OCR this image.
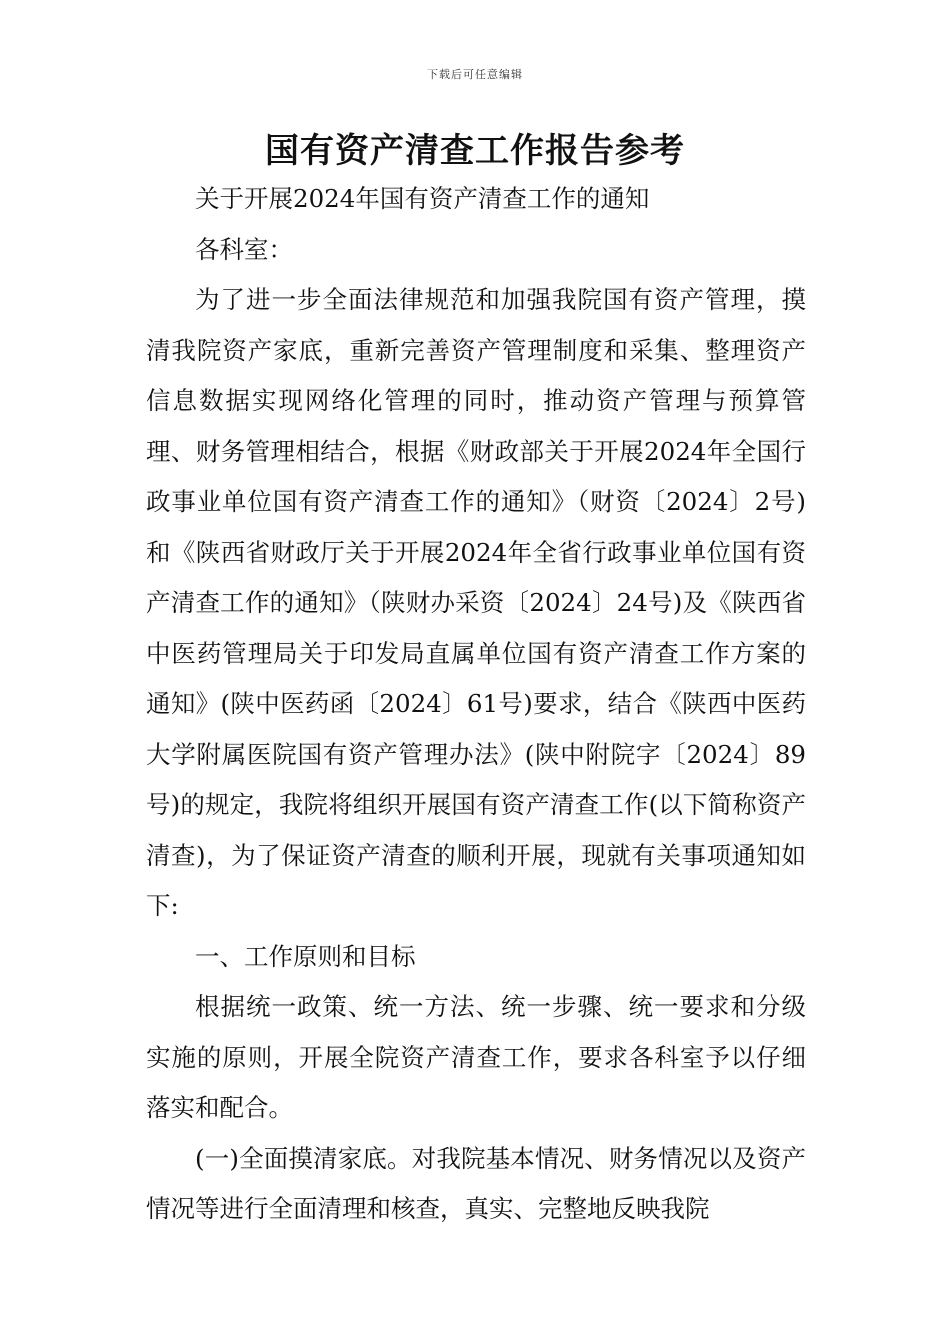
下载后可任意编辑
国有资产清查工作报告参考

关于开展2024年国有资产清查工作的通知

各科室：

为了进一步全面法律规范和加强我院国有资产管理，摸清我院资产家底，重新完善资产管理制度和采集、整理资产信息数据实现网络化管理的同时，推动资产管理与预算管理、财务管理相结合，根据《财政部关于开展2024年全国行政事业单位国有资产清查工作的通知》（财资〔2024〕2号)和《陕西省财政厅关于开展2024年全省行政事业单位国有资产清查工作的通知》（陕财办采资〔2024〕24号)及《陕西省中医药管理局关于印发局直属单位国有资产清查工作方案的通知》(陕中医药函〔2024〕61号)要求，结合《陕西中医药大学附属医院国有资产管理办法》(陕中附院字〔2024〕89号)的规定，我院将组织开展国有资产清查工作(以下简称资产清查)，为了保证资产清查的顺利开展，现就有关事项通知如下:

一、工作原则和目标

根据统一政策、统一方法、统一步骤、统一要求和分级实施的原则，开展全院资产清查工作，要求各科室予以仔细落实和配合。

(一)全面摸清家底。对我院基本情况、财务情况以及资产情况等进行全面清理和核查，真实、完整地反映我院
